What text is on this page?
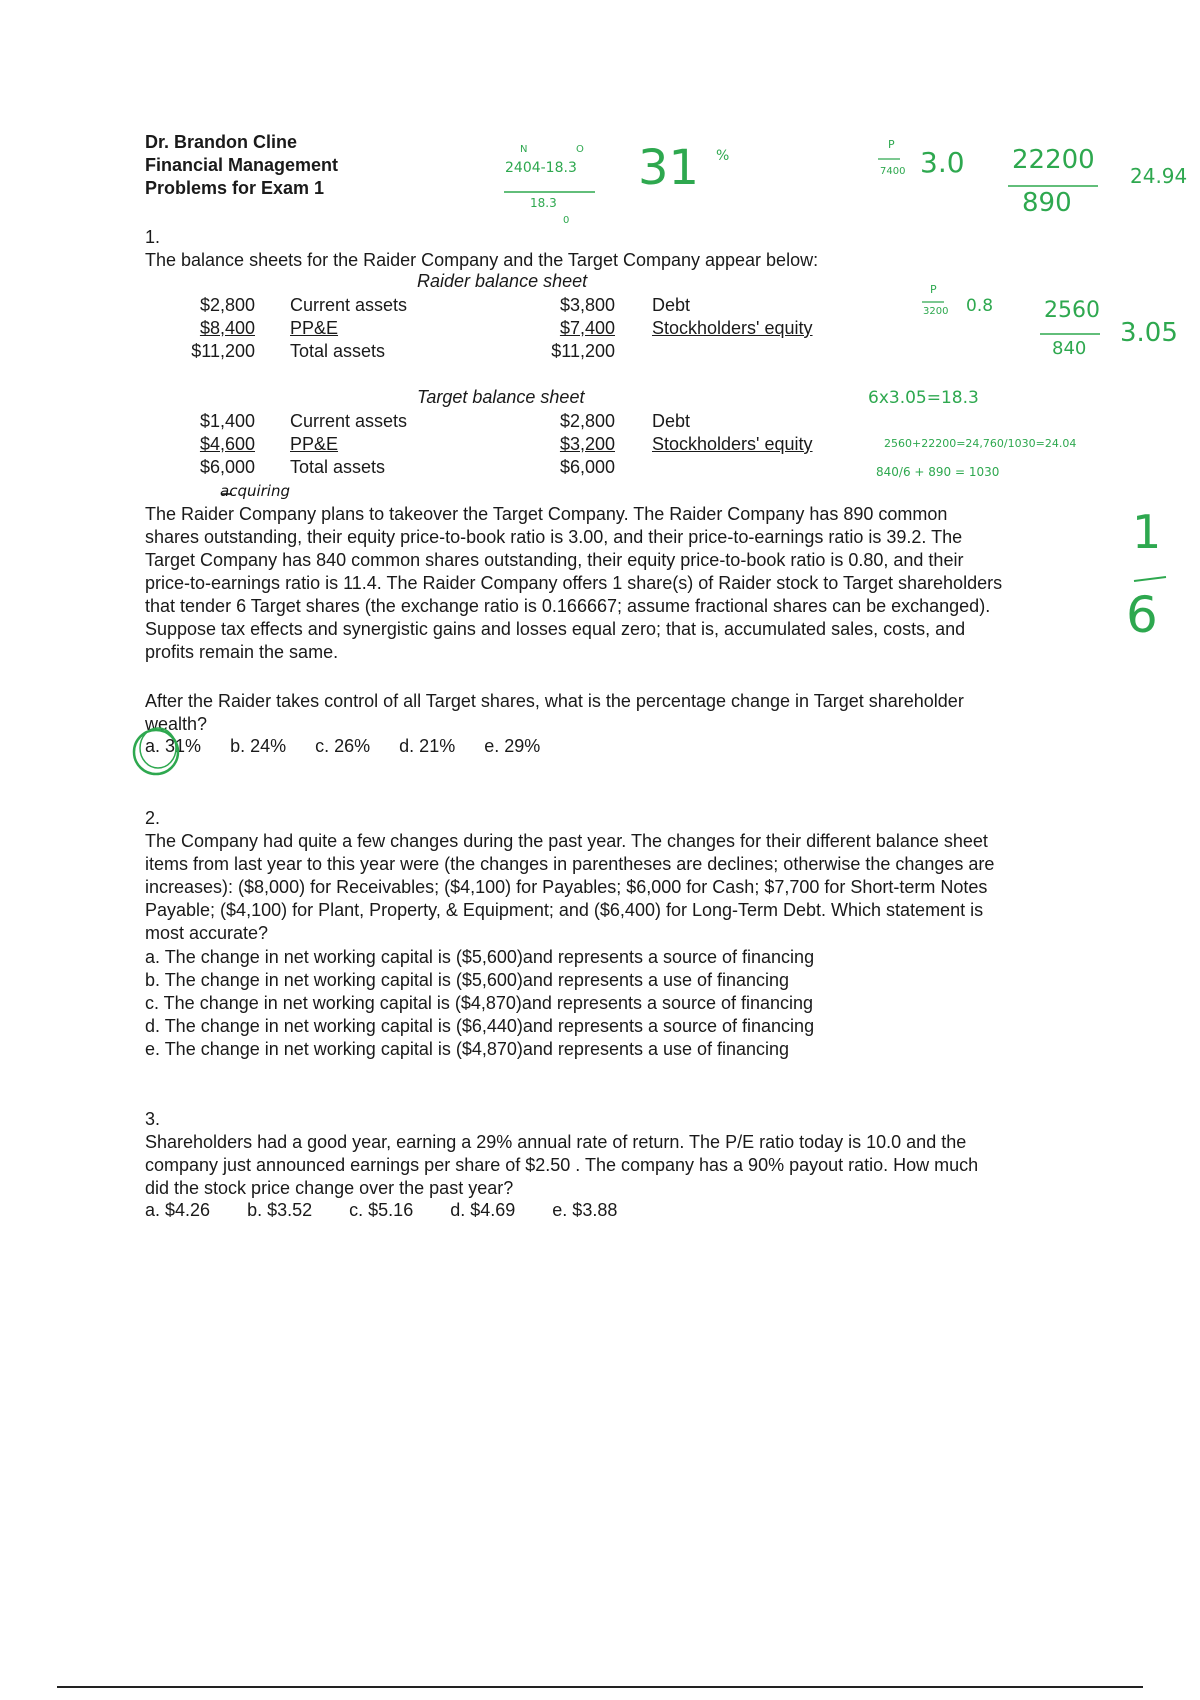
Dr. Brandon Cline
Financial Management
Problems for Exam 1
1.
The balance sheets for the Raider Company and the Target Company appear below:
Raider balance sheet
$2,800
$8,400
$11,200
Current assets
PP&E
Total assets
$3,800
$7,400
$11,200
Debt
Stockholders' equity
Target balance sheet
$1,400
$4,600
$6,000
Current assets
PP&E
Total assets
$2,800
$3,200
$6,000
Debt
Stockholders' equity
The Raider Company plans to takeover the Target Company. The Raider Company has 890 common
shares outstanding, their equity price-to-book ratio is 3.00, and their price-to-earnings ratio is 39.2. The
Target Company has 840 common shares outstanding, their equity price-to-book ratio is 0.80, and their
price-to-earnings ratio is 11.4. The Raider Company offers 1 share(s) of Raider stock to Target shareholders
that tender 6 Target shares (the exchange ratio is 0.166667; assume fractional shares can be exchanged).
Suppose tax effects and synergistic gains and losses equal zero; that is, accumulated sales, costs, and
profits remain the same.
After the Raider takes control of all Target shares, what is the percentage change in Target shareholder
wealth?
a. 31% b. 24% c. 26% d. 21% e. 29%
2.
The Company had quite a few changes during the past year. The changes for their different balance sheet
items from last year to this year were (the changes in parentheses are declines; otherwise the changes are
increases): ($8,000) for Receivables; ($4,100) for Payables; $6,000 for Cash; $7,700 for Short-term Notes
Payable; ($4,100) for Plant, Property, & Equipment; and ($6,400) for Long-Term Debt. Which statement is
most accurate?
a. The change in net working capital is ($5,600)and represents a source of financing
b. The change in net working capital is ($5,600)and represents a use of financing
c. The change in net working capital is ($4,870)and represents a source of financing
d. The change in net working capital is ($6,440)and represents a source of financing
e. The change in net working capital is ($4,870)and represents a use of financing
3.
Shareholders had a good year, earning a 29% annual rate of return. The P/E ratio today is 10.0 and the
company just announced earnings per share of $2.50 . The company has a 90% payout ratio. How much
did the stock price change over the past year?
a. $4.26 b. $3.52 c. $5.16 d. $4.69 e. $3.88
N	O
2404-18.3
18.3
0
31 %
P
7400 3.0 22200
890
24.94
P
3200 0.8 2560
840
3.05
6x3.05=18.3
2560+22200=24,760/1030=24.04
840/6 + 890 = 1030
acquiring
1
6
